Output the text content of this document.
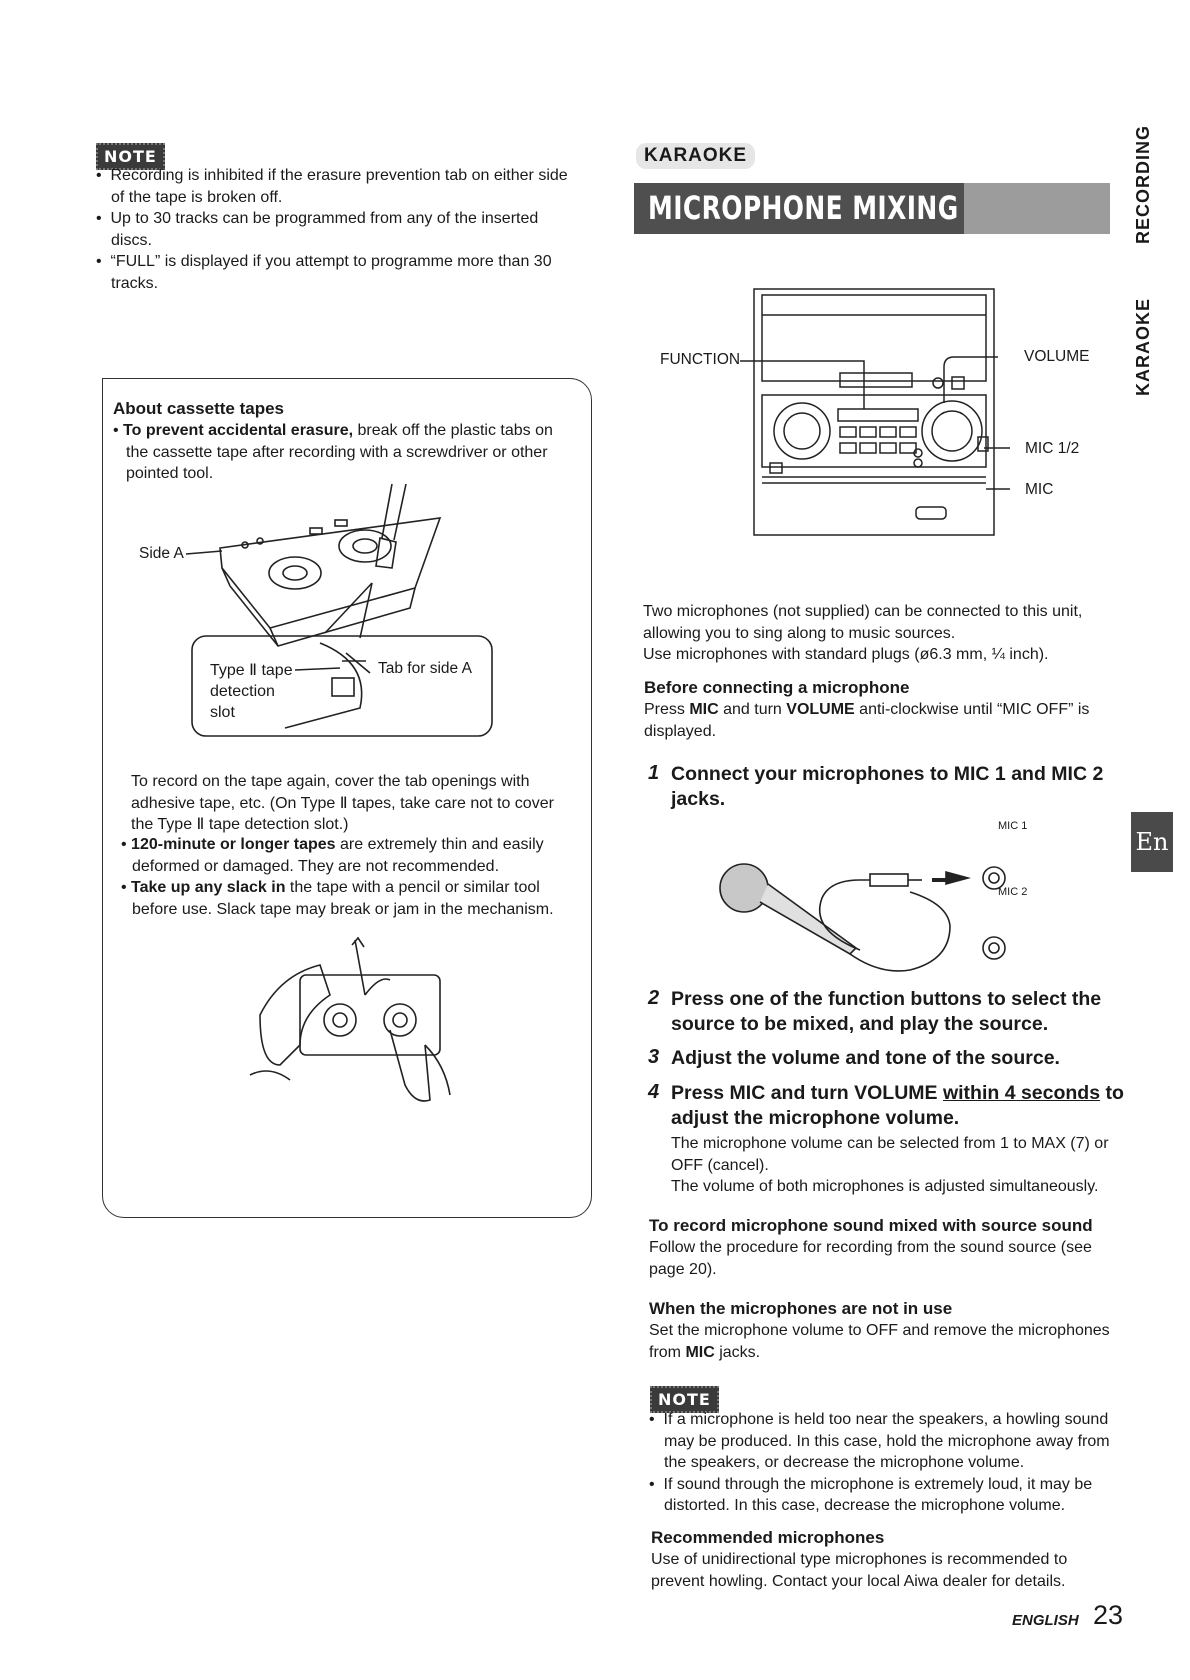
NOTE
•  Recording is inhibited if the erasure prevention tab on either side of the tape is broken off.
•  Up to 30 tracks can be programmed from any of the inserted discs.
•  “FULL” is displayed if you attempt to programme more than 30 tracks.

About cassette tapes

• To prevent accidental erasure, break off the plastic tabs on the cassette tape after recording with a screwdriver or other pointed tool.

Side A
Type Ⅱ tape
detection
slot
Tab for side A

To record on the tape again, cover the tab openings with adhesive tape, etc. (On Type Ⅱ tapes, take care not to cover the Type Ⅱ tape detection slot.)

• 120-minute or longer tapes are extremely thin and easily deformed or damaged. They are not recommended.

• Take up any slack in the tape with a pencil or similar tool before use. Slack tape may break or jam in the mechanism.

KARAOKE
MICROPHONE MIXING
FUNCTION	VOLUME
MIC 1/2
MIC

Two microphones (not supplied) can be connected to this unit, allowing you to sing along to music sources.

Use microphones with standard plugs (ø6.3 mm, ¼ inch).

Before connecting a microphone

Press MIC and turn VOLUME anti-clockwise until “MIC OFF” is displayed.

1 Connect your microphones to MIC 1 and MIC 2 jacks.

MIC 1
MIC 2
2 Press one of the function buttons to select the source to be mixed, and play the source.

3 Adjust the volume and tone of the source.

4 Press MIC and turn VOLUME within 4 seconds to adjust the microphone volume.

The microphone volume can be selected from 1 to MAX (7) or OFF (cancel).

The volume of both microphones is adjusted simultaneously.

To record microphone sound mixed with source sound

Follow the procedure for recording from the sound source (see page 20).

When the microphones are not in use

Set the microphone volume to OFF and remove the microphones from MIC jacks.

NOTE
•  If a microphone is held too near the speakers, a howling sound may be produced. In this case, hold the microphone away from the speakers, or decrease the microphone volume.
•  If sound through the microphone is extremely loud, it may be distorted. In this case, decrease the microphone volume.

Recommended microphones

Use of unidirectional type microphones is recommended to prevent howling. Contact your local Aiwa dealer for details.

RECORDING
KARAOKE
En
ENGLISH 23
